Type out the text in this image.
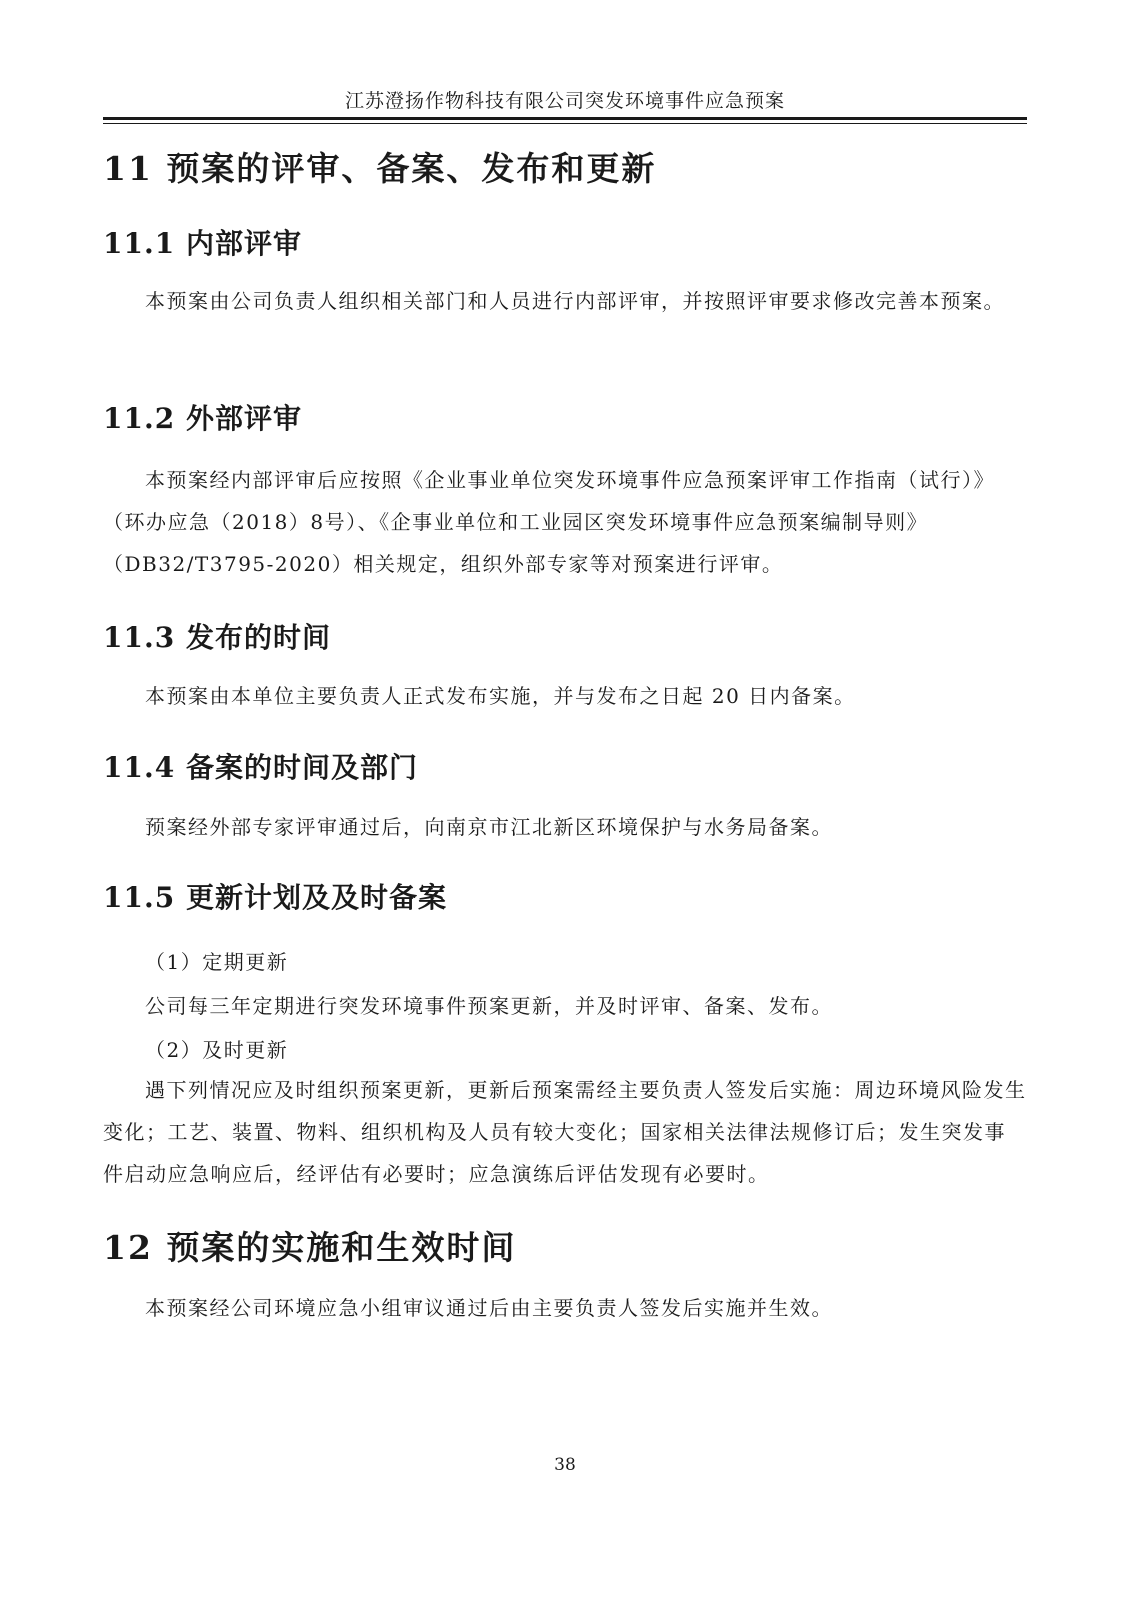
江苏澄扬作物科技有限公司突发环境事件应急预案
11 预案的评审、备案、发布和更新
11.1 内部评审

本预案由公司负责人组织相关部门和人员进行内部评审，并按照评审要求修改完善本预案。

11.2 外部评审

本预案经内部评审后应按照《企业事业单位突发环境事件应急预案评审工作指南（试行）》（环办应急（2018）8号）、《企事业单位和工业园区突发环境事件应急预案编制导则》（DB32/T3795-2020）相关规定，组织外部专家等对预案进行评审。

11.3 发布的时间

本预案由本单位主要负责人正式发布实施，并与发布之日起 20 日内备案。

11.4 备案的时间及部门

预案经外部专家评审通过后，向南京市江北新区环境保护与水务局备案。

11.5 更新计划及及时备案
（1）定期更新
公司每三年定期进行突发环境事件预案更新，并及时评审、备案、发布。
（2）及时更新

遇下列情况应及时组织预案更新，更新后预案需经主要负责人签发后实施：周边环境风险发生变化；工艺、装置、物料、组织机构及人员有较大变化；国家相关法律法规修订后；发生突发事件启动应急响应后，经评估有必要时；应急演练后评估发现有必要时。

12 预案的实施和生效时间

本预案经公司环境应急小组审议通过后由主要负责人签发后实施并生效。

38
